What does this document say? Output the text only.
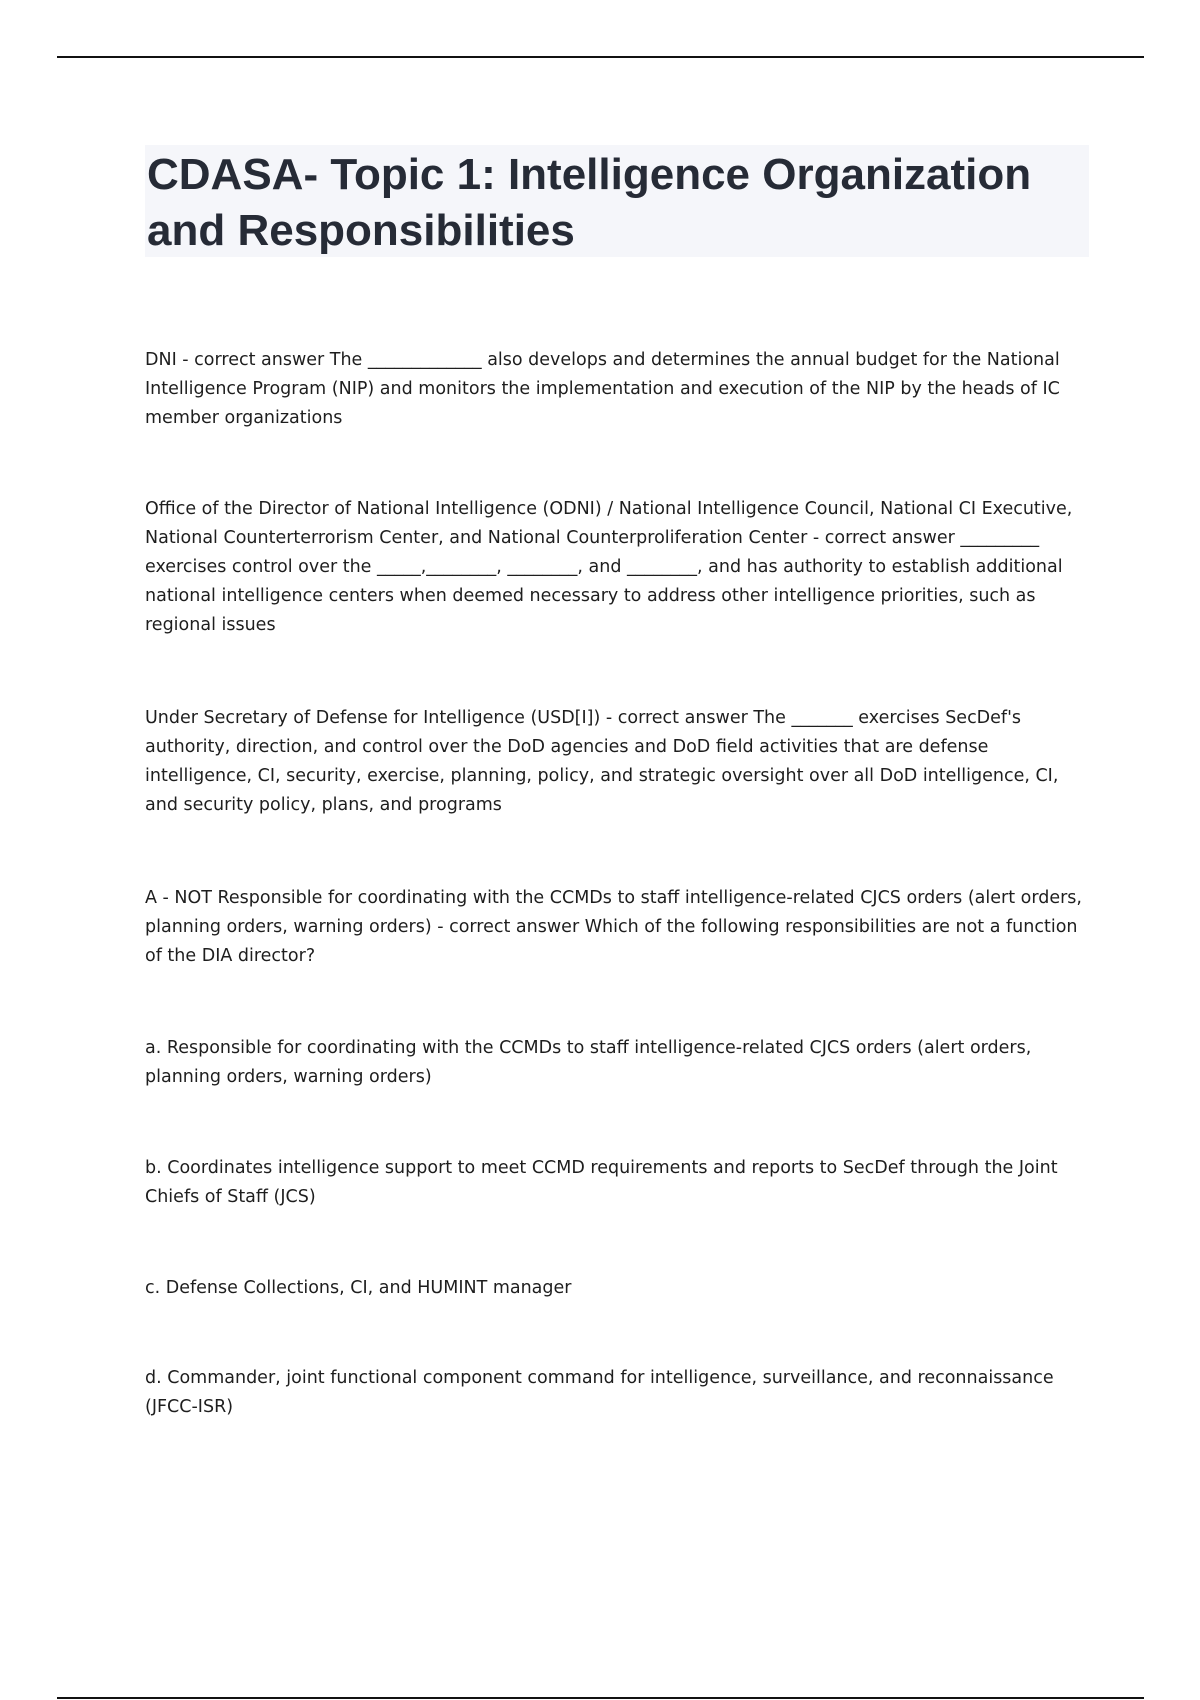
CDASA- Topic 1: Intelligence Organization and Responsibilities

DNI - correct answer The _____________ also develops and determines the annual budget for the National Intelligence Program (NIP) and monitors the implementation and execution of the NIP by the heads of IC member organizations

Office of the Director of National Intelligence (ODNI) / National Intelligence Council, National CI Executive, National Counterterrorism Center, and National Counterproliferation Center - correct answer _________ exercises control over the _____,________, ________, and ________, and has authority to establish additional national intelligence centers when deemed necessary to address other intelligence priorities, such as regional issues

Under Secretary of Defense for Intelligence (USD[I]) - correct answer The _______ exercises SecDef's authority, direction, and control over the DoD agencies and DoD field activities that are defense intelligence, CI, security, exercise, planning, policy, and strategic oversight over all DoD intelligence, CI, and security policy, plans, and programs

A - NOT Responsible for coordinating with the CCMDs to staff intelligence-related CJCS orders (alert orders, planning orders, warning orders) - correct answer Which of the following responsibilities are not a function of the DIA director?

a. Responsible for coordinating with the CCMDs to staff intelligence-related CJCS orders (alert orders, planning orders, warning orders)

b. Coordinates intelligence support to meet CCMD requirements and reports to SecDef through the Joint Chiefs of Staff (JCS)

c. Defense Collections, CI, and HUMINT manager

d. Commander, joint functional component command for intelligence, surveillance, and reconnaissance (JFCC-ISR)
